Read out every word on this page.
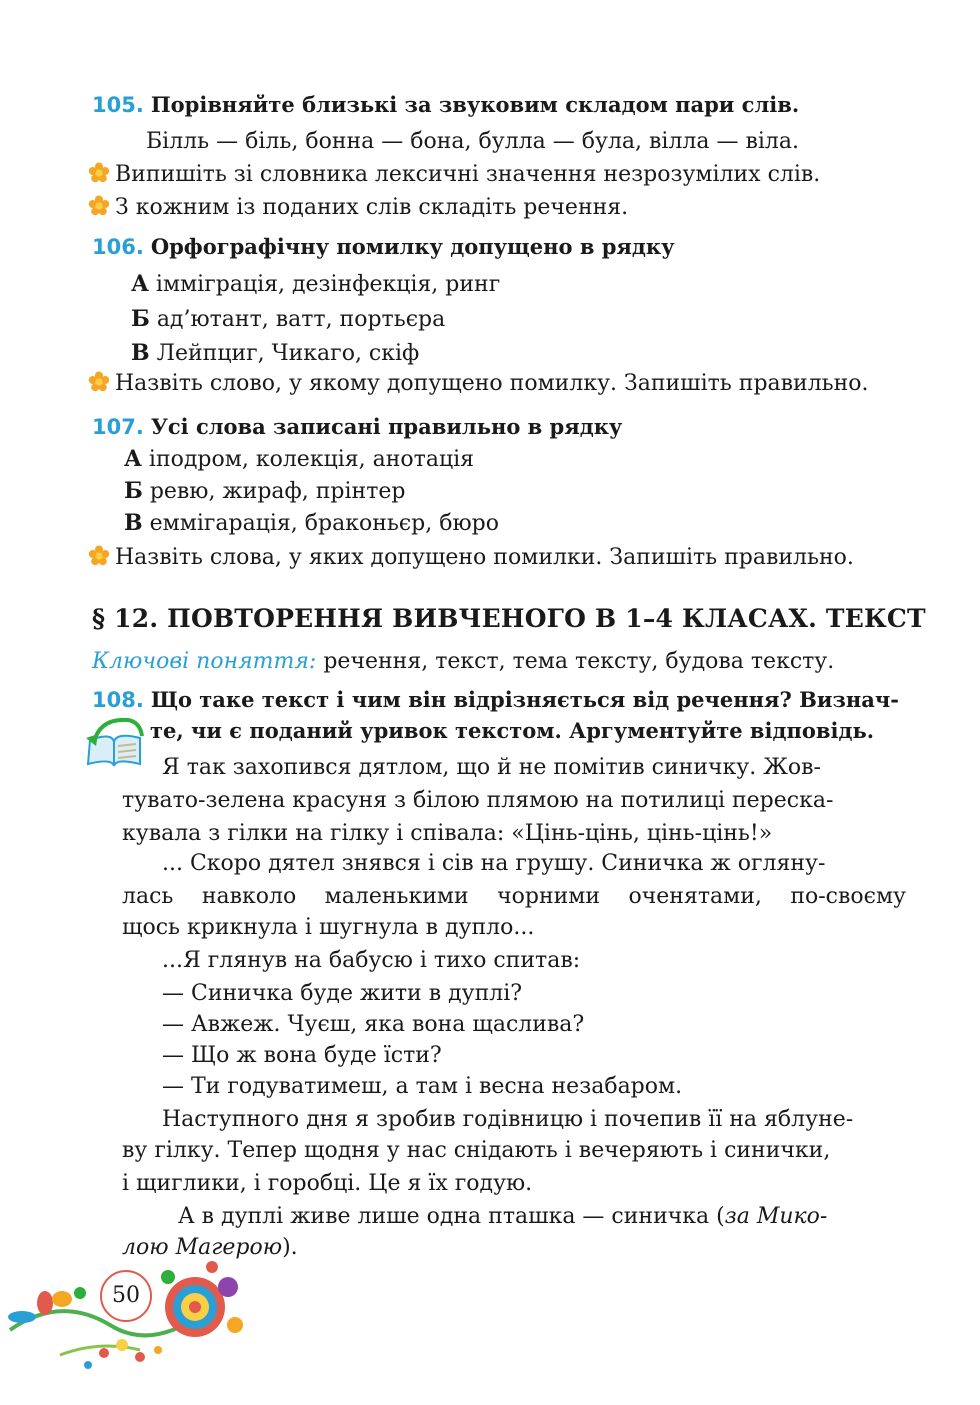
105. Порівняйте близькі за звуковим складом пари слів.
Білль — біль, бонна — бона, булла — була, вілла — віла.
Випишіть зі словника лексичні значення незрозумілих слів.
З кожним із поданих слів складіть речення.
106. Орфографічну помилку допущено в рядку
А імміграція, дезінфекція, ринг
Б ад’ютант, ватт, портьєра
В Лейпциг, Чикаго, скіф
Назвіть слово, у якому допущено помилку. Запишіть правильно.
107. Усі слова записані правильно в рядку
А іподром, колекція, анотація
Б ревю, жираф, прінтер
В еммігарація, браконьєр, бюро
Назвіть слова, у яких допущено помилки. Запишіть правильно.
§ 12. ПОВТОРЕННЯ ВИВЧЕНОГО В 1–4 КЛАСАХ. ТЕКСТ
Ключові поняття: речення, текст, тема тексту, будова тексту.
108. Що таке текст і чим він відрізняється від речення? Визнач-
те, чи є поданий уривок текстом. Аргументуйте відповідь.
Я так захопився дятлом, що й не помітив синичку. Жов-
тувато-зелена красуня з білою плямою на потилиці переска-
кувала з гілки на гілку і співала: «Цінь-цінь, цінь-цінь!»
... Скоро дятел знявся і сів на грушу. Синичка ж огляну-
лась навколо маленькими чорними оченятами, по-своєму
щось крикнула і шугнула в дупло...
...Я глянув на бабусю і тихо спитав:
— Синичка буде жити в дуплі?
— Авжеж. Чуєш, яка вона щаслива?
— Що ж вона буде їсти?
— Ти годуватимеш, а там і весна незабаром.
Наступного дня я зробив годівницю і почепив її на яблуне-
ву гілку. Тепер щодня у нас снідають і вечеряють і синички,
і щиглики, і горобці. Це я їх годую.
А в дуплі живе лише одна пташка — синичка (за Мико-
лою Магерою).
50
